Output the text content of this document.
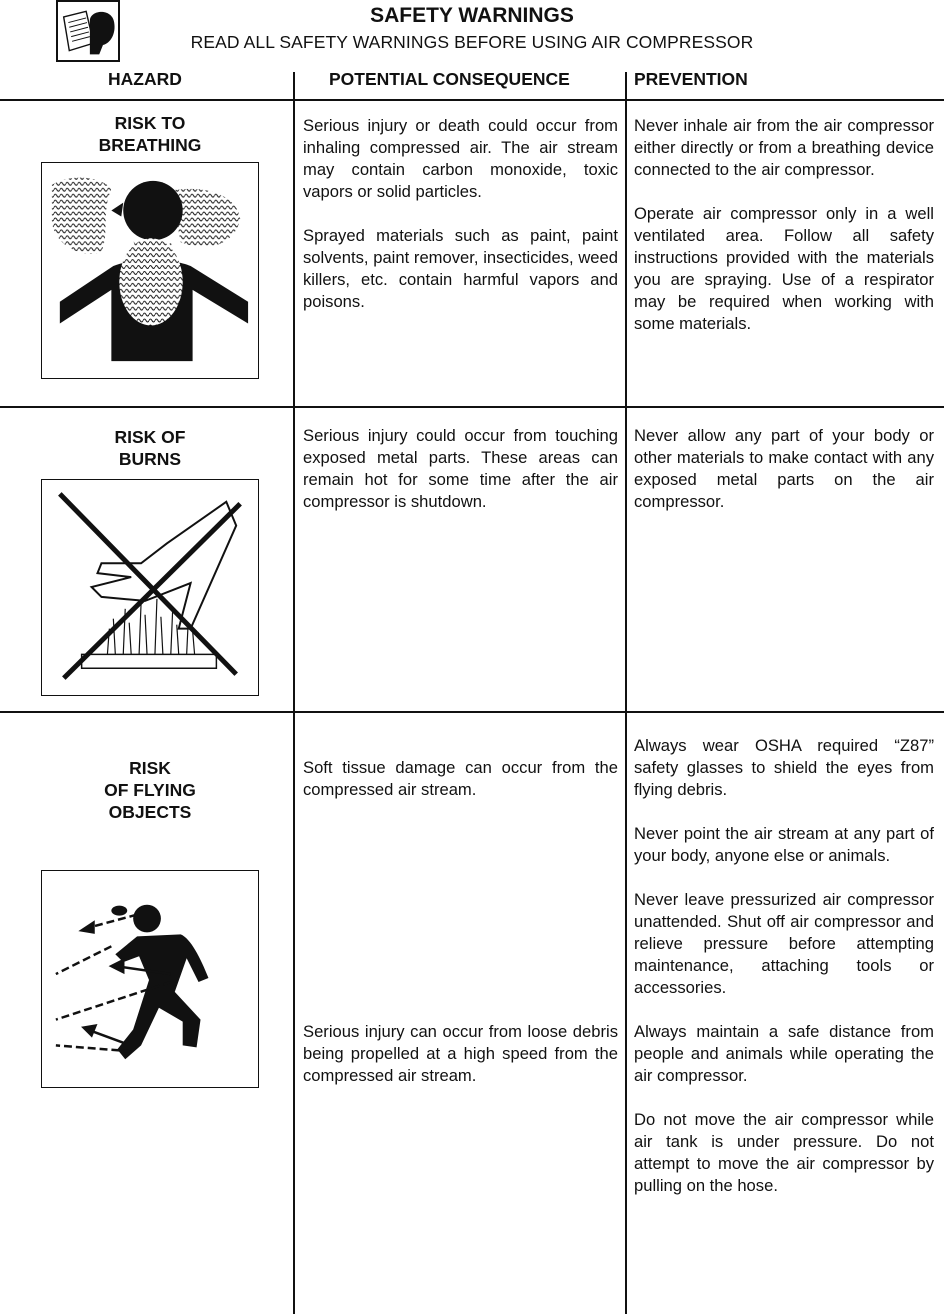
SAFETY WARNINGS
READ ALL SAFETY WARNINGS BEFORE USING AIR COMPRESSOR
HAZARD	POTENTIAL CONSEQUENCE	PREVENTION
RISK TO
BREATHING

Serious injury or death could occur from inhaling compressed air. The air stream may contain carbon monoxide, toxic vapors or solid particles.

Sprayed materials such as paint, paint solvents, paint remover, insecticides, weed killers, etc. contain harmful vapors and poisons.

Never inhale air from the air compressor either directly or from a breathing device connected to the air compressor.

Operate air compressor only in a well ventilated area. Follow all safety instructions provided with the materials you are spraying. Use of a respirator may be required when working with some materials.

RISK OF
BURNS

Serious injury could occur from touching exposed metal parts. These areas can remain hot for some time after the air compressor is shutdown.

Never allow any part of your body or other materials to make contact with any exposed metal parts on the air compressor.

RISK
OF FLYING
OBJECTS

Soft tissue damage can occur from the compressed air stream.

Serious injury can occur from loose debris being propelled at a high speed from the compressed air stream.

Always wear OSHA required “Z87” safety glasses to shield the eyes from flying debris.

Never point the air stream at any part of your body, anyone else or animals.

Never leave pressurized air compressor unattended. Shut off air compressor and relieve pressure before attempting maintenance, attaching tools or accessories.

Always maintain a safe distance from people and animals while operating the air compressor.

Do not move the air compressor while air tank is under pressure. Do not attempt to move the air compressor by pulling on the hose.
